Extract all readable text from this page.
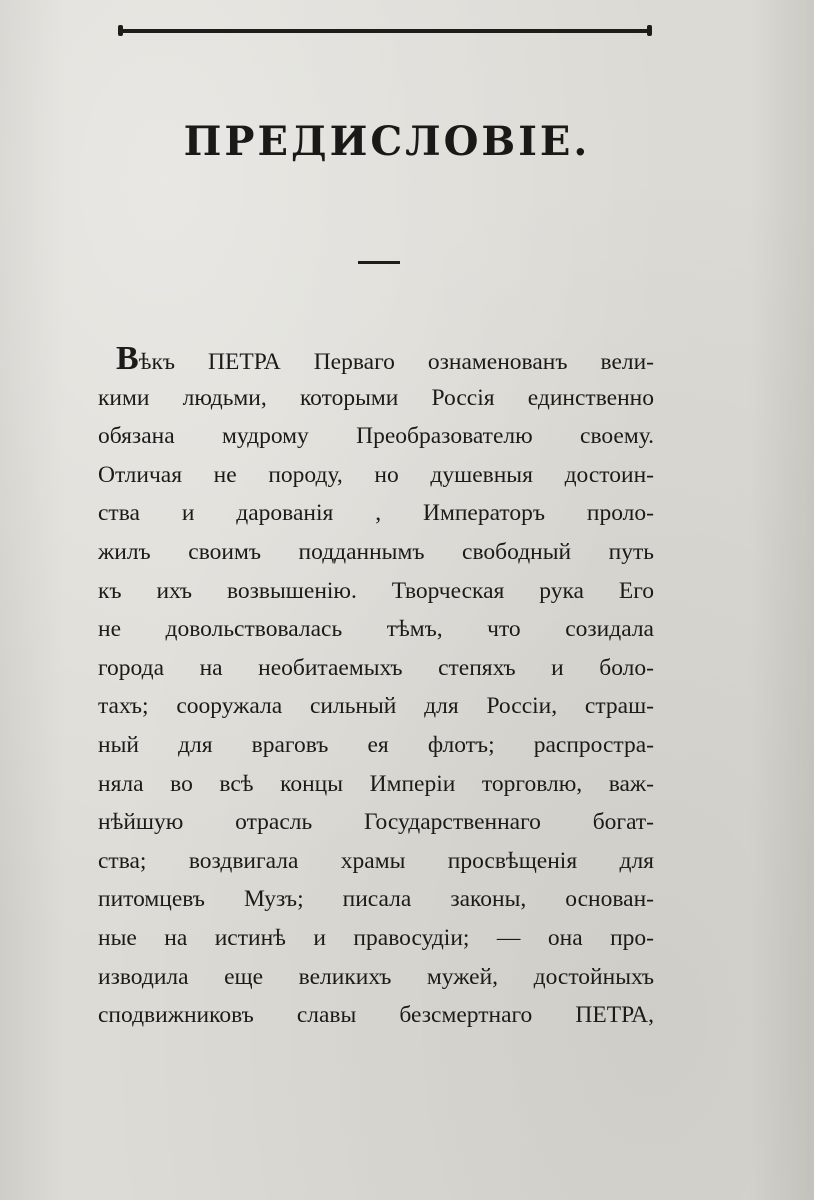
ПРЕДИСЛОВІЕ.
Вѣкъ ПЕТРА Перваго ознаменованъ вели-
кими людьми, которыми Россія единственно
обязана мудрому Преобразователю своему.
Отличая не породу, но душевныя достоин-
ства и дарованія , Императоръ проло-
жилъ своимъ подданнымъ свободный путь
къ ихъ возвышенію. Творческая рука Его
не довольствовалась тѣмъ, что созидала
города на необитаемыхъ степяхъ и боло-
тахъ; сооружала сильный для Россіи, страш-
ный для враговъ ея флотъ; распростра-
няла во всѣ концы Имперіи торговлю, важ-
нѣйшую отрасль Государственнаго богат-
ства; воздвигала храмы просвѣщенія для
питомцевъ Музъ; писала законы, основан-
ные на истинѣ и правосудіи; — она про-
изводила еще великихъ мужей, достойныхъ
сподвижниковъ славы безсмертнаго ПЕТРА,
